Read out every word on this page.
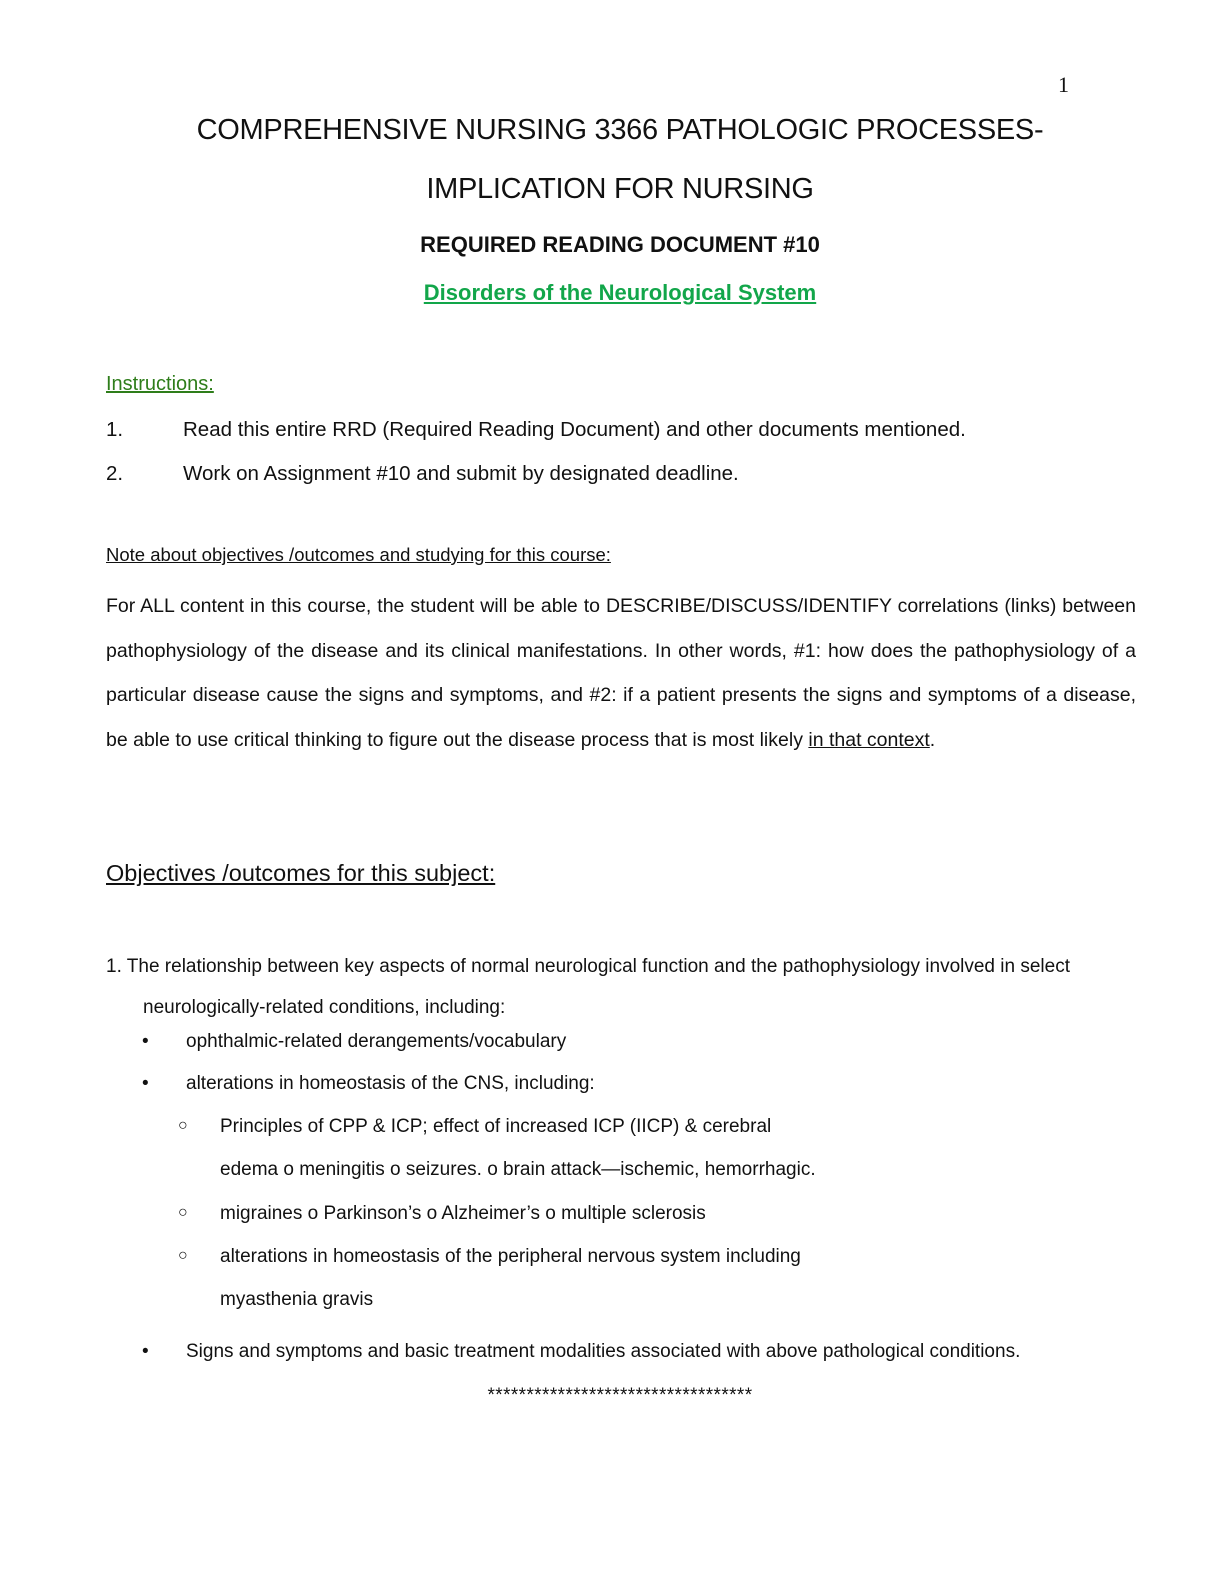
1
COMPREHENSIVE NURSING 3366 PATHOLOGIC PROCESSES-
IMPLICATION FOR NURSING
REQUIRED READING DOCUMENT #10
Disorders of the Neurological System
Instructions:
1.	Read this entire RRD (Required Reading Document) and other documents mentioned.
2.	Work on Assignment #10 and submit by designated deadline.
Note about objectives /outcomes and studying for this course:
For ALL content in this course, the student will be able to DESCRIBE/DISCUSS/IDENTIFY correlations (links) between pathophysiology of the disease and its clinical manifestations. In other words, #1: how does the pathophysiology of a particular disease cause the signs and symptoms, and #2: if a patient presents the signs and symptoms of a disease, be able to use critical thinking to figure out the disease process that is most likely in that context.
Objectives /outcomes for this subject:
1. The relationship between key aspects of normal neurological function and the pathophysiology involved in select
neurologically-related conditions, including:
• ophthalmic-related derangements/vocabulary
• alterations in homeostasis of the CNS, including:
○ Principles of CPP & ICP; effect of increased ICP (IICP) & cerebral
edema o meningitis o seizures. o brain attack—ischemic, hemorrhagic.
○ migraines o Parkinson’s o Alzheimer’s o multiple sclerosis
○ alterations in homeostasis of the peripheral nervous system including
myasthenia gravis
• Signs and symptoms and basic treatment modalities associated with above pathological conditions.
**********************************
